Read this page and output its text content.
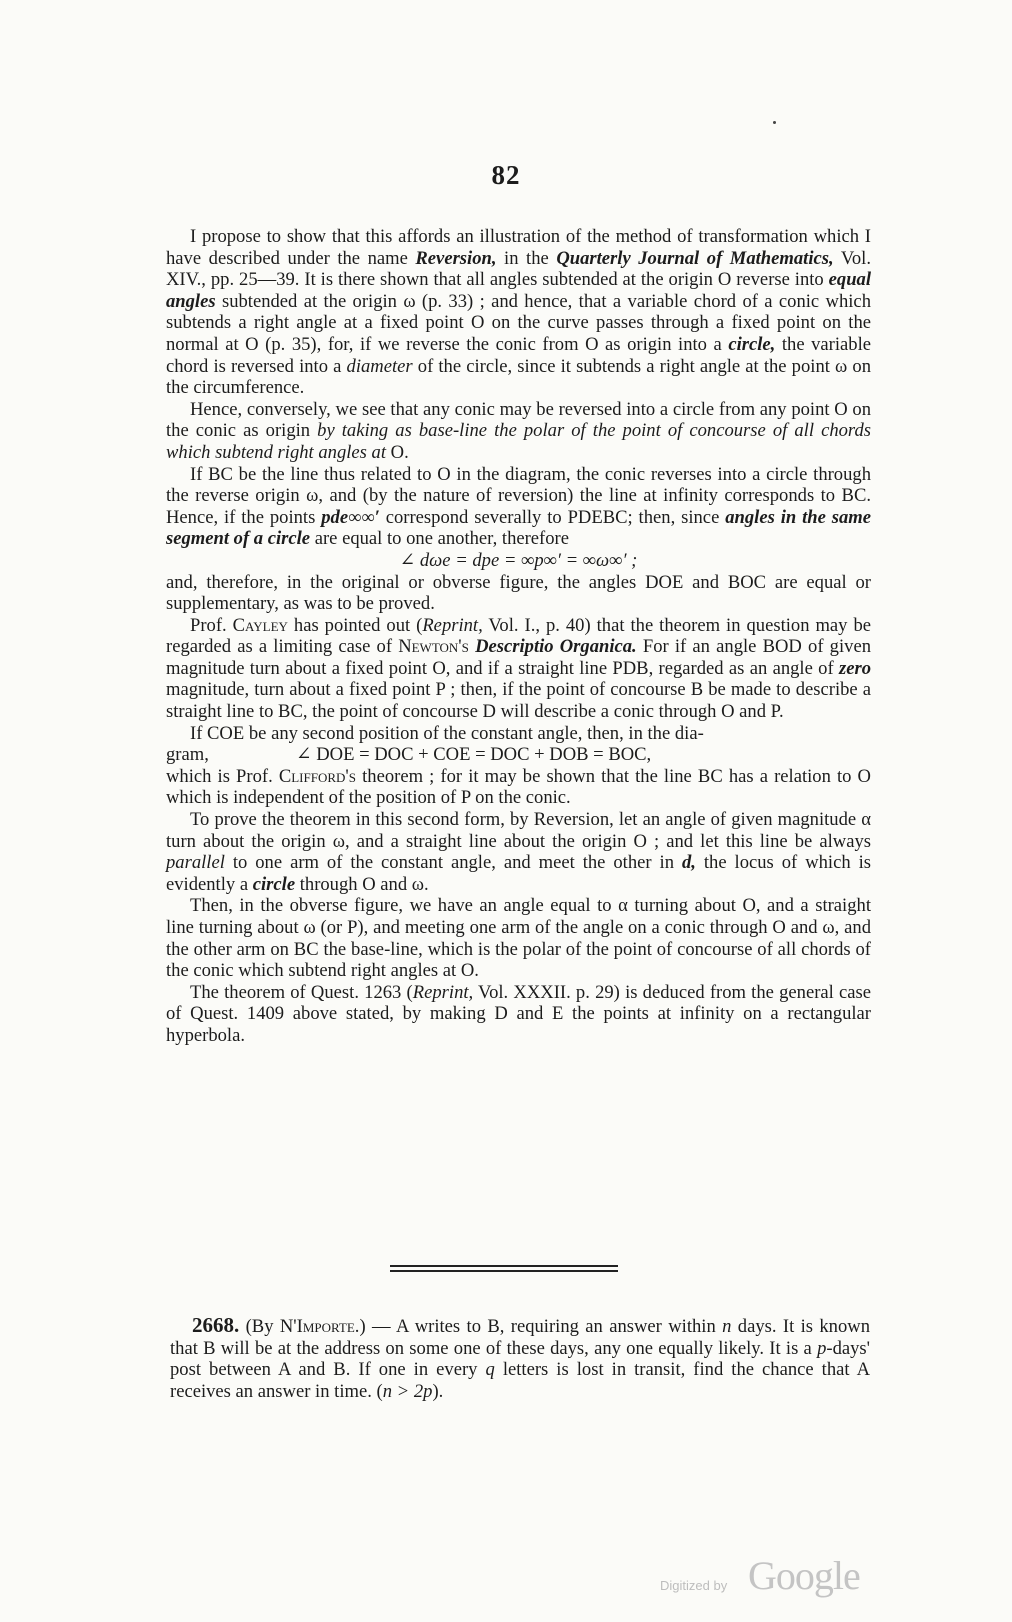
82

I propose to show that this affords an illustration of the method of transformation which I have described under the name Reversion, in the Quarterly Journal of Mathematics, Vol. XIV., pp. 25—39. It is there shown that all angles subtended at the origin O reverse into equal angles subtended at the origin ω (p. 33) ; and hence, that a variable chord of a conic which subtends a right angle at a fixed point O on the curve passes through a fixed point on the normal at O (p. 35), for, if we reverse the conic from O as origin into a circle, the variable chord is reversed into a diameter of the circle, since it subtends a right angle at the point ω on the circumference.

Hence, conversely, we see that any conic may be reversed into a circle from any point O on the conic as origin by taking as base-line the polar of the point of concourse of all chords which subtend right angles at O.

If BC be the line thus related to O in the diagram, the conic reverses into a circle through the reverse origin ω, and (by the nature of reversion) the line at infinity corresponds to BC. Hence, if the points pde∞∞′ correspond severally to PDEBC; then, since angles in the same segment of a circle are equal to one another, therefore

∠ dωe = dpe = ∞p∞′ = ∞ω∞′ ;

and, therefore, in the original or obverse figure, the angles DOE and BOC are equal or supplementary, as was to be proved.

Prof. Cayley has pointed out (Reprint, Vol. I., p. 40) that the theorem in question may be regarded as a limiting case of Newton's Descriptio Organica. For if an angle BOD of given magnitude turn about a fixed point O, and if a straight line PDB, regarded as an angle of zero magnitude, turn about a fixed point P ; then, if the point of concourse B be made to describe a straight line to BC, the point of concourse D will describe a conic through O and P.

If COE be any second position of the constant angle, then, in the dia-

gram,	∠ DOE = DOC + COE = DOC + DOB = BOC,

which is Prof. Clifford's theorem ; for it may be shown that the line BC has a relation to O which is independent of the position of P on the conic.

To prove the theorem in this second form, by Reversion, let an angle of given magnitude α turn about the origin ω, and a straight line about the origin O ; and let this line be always parallel to one arm of the constant angle, and meet the other in d, the locus of which is evidently a circle through O and ω.

Then, in the obverse figure, we have an angle equal to α turning about O, and a straight line turning about ω (or P), and meeting one arm of the angle on a conic through O and ω, and the other arm on BC the base-line, which is the polar of the point of concourse of all chords of the conic which subtend right angles at O.

The theorem of Quest. 1263 (Reprint, Vol. XXXII. p. 29) is deduced from the general case of Quest. 1409 above stated, by making D and E the points at infinity on a rectangular hyperbola.

2668. (By N'Importe.) — A writes to B, requiring an answer within n days. It is known that B will be at the address on some one of these days, any one equally likely. It is a p-days' post between A and B. If one in every q letters is lost in transit, find the chance that A receives an answer in time. (n > 2p).

Digitized by Google
